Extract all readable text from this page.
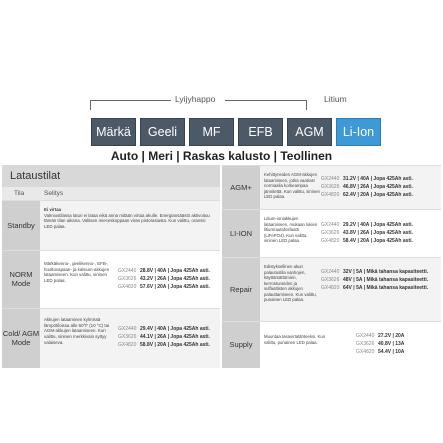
Lyijyhappo	Litium
Märkä	Geeli	MF	EFB	AGM	Li-Ion
Auto | Meri | Raskas kalusto | Teollinen
Lataustilat
Tila	Selitys
Standby
Ei virtaa
Valmiustilassa laturi ei lataa eikä anna mitään virtaa akulle. Energiansäästö aktivoituu tämän tilan aikana. Valitsen mieceskoppaan viran pistorasiasta. Kun valittu, oranssi LED palaa.
NORM Mode
Märkäkenno-, geelikenno-, EFB-, huoltovapaan- ja kalsium-akkujen lataamiseen. Kun valittu, sininen LED palaa.
GX2440 28.8V | 40A | Jopa 425Ah asti.
GX3626 43.2V | 26A | Jopa 425Ah asti.
GX4820 57.6V | 20A | Jopa 425Ah asti.
Cold/ AGM Mode
Akkujen lataaminen kylmissä lämpötiloissa alle 50°F (10 °C) tai AGM-akkujen lataamiseen. Kun valittu, sininen merkkivalo syttyy valaiseva.
GX2440 29.4V | 40A | Jopa 425Ah asti.
GX3626 44.1V | 26A | Jopa 425Ah asti.
GX4820 58.8V | 20A | Jopa 425Ah asti.
AGM+
Kehittyneiden AGM-akkujen lataamiseen, jotka vaativat normaalia korkeampaa jännitettä. Kun valittu, sininen LED palaa.
GX2440 31.2V | 40A | Jopa 425Ah asti.
GX3626 46.8V | 26A | Jopa 425Ah asti.
GX4820 62.4V | 20A | Jopa 425Ah asti.
LI-ION
Litium-ioniakkujen lataamiseen, mukaan lukien litiumrautafosfaatti (LiFePO4). Kun valittu, sininen LED palaa.
GX2440 29.2V | 40A | Jopa 425Ah asti.
GX3626 43.8V | 26A | Jopa 425Ah asti.
GX4820 58.4V | 20A | Jopa 425Ah asti.
Repair
Edistyksellinen akun palautustila vanhojen, käyttämättömien, kerrostuneiden ja sulfaattisten akkujen palauttamiseen. Kun valittu, punainen LED palaa.
GX2440 32V | 5A | Mikä tahansa kapasiteetti.
GX3626 48V | 5A | Mikä tahansa kapasiteetti.
GX4820 64V | 5A | Mikä tahansa kapasiteetti.
Supply
Muuntaa tasavirtalähteeksi. Kun valittu, punainen LED palaa.
GX2440 27.2V | 20A
GX3626 40.8V | 13A
GX4820 54.4V | 10A
